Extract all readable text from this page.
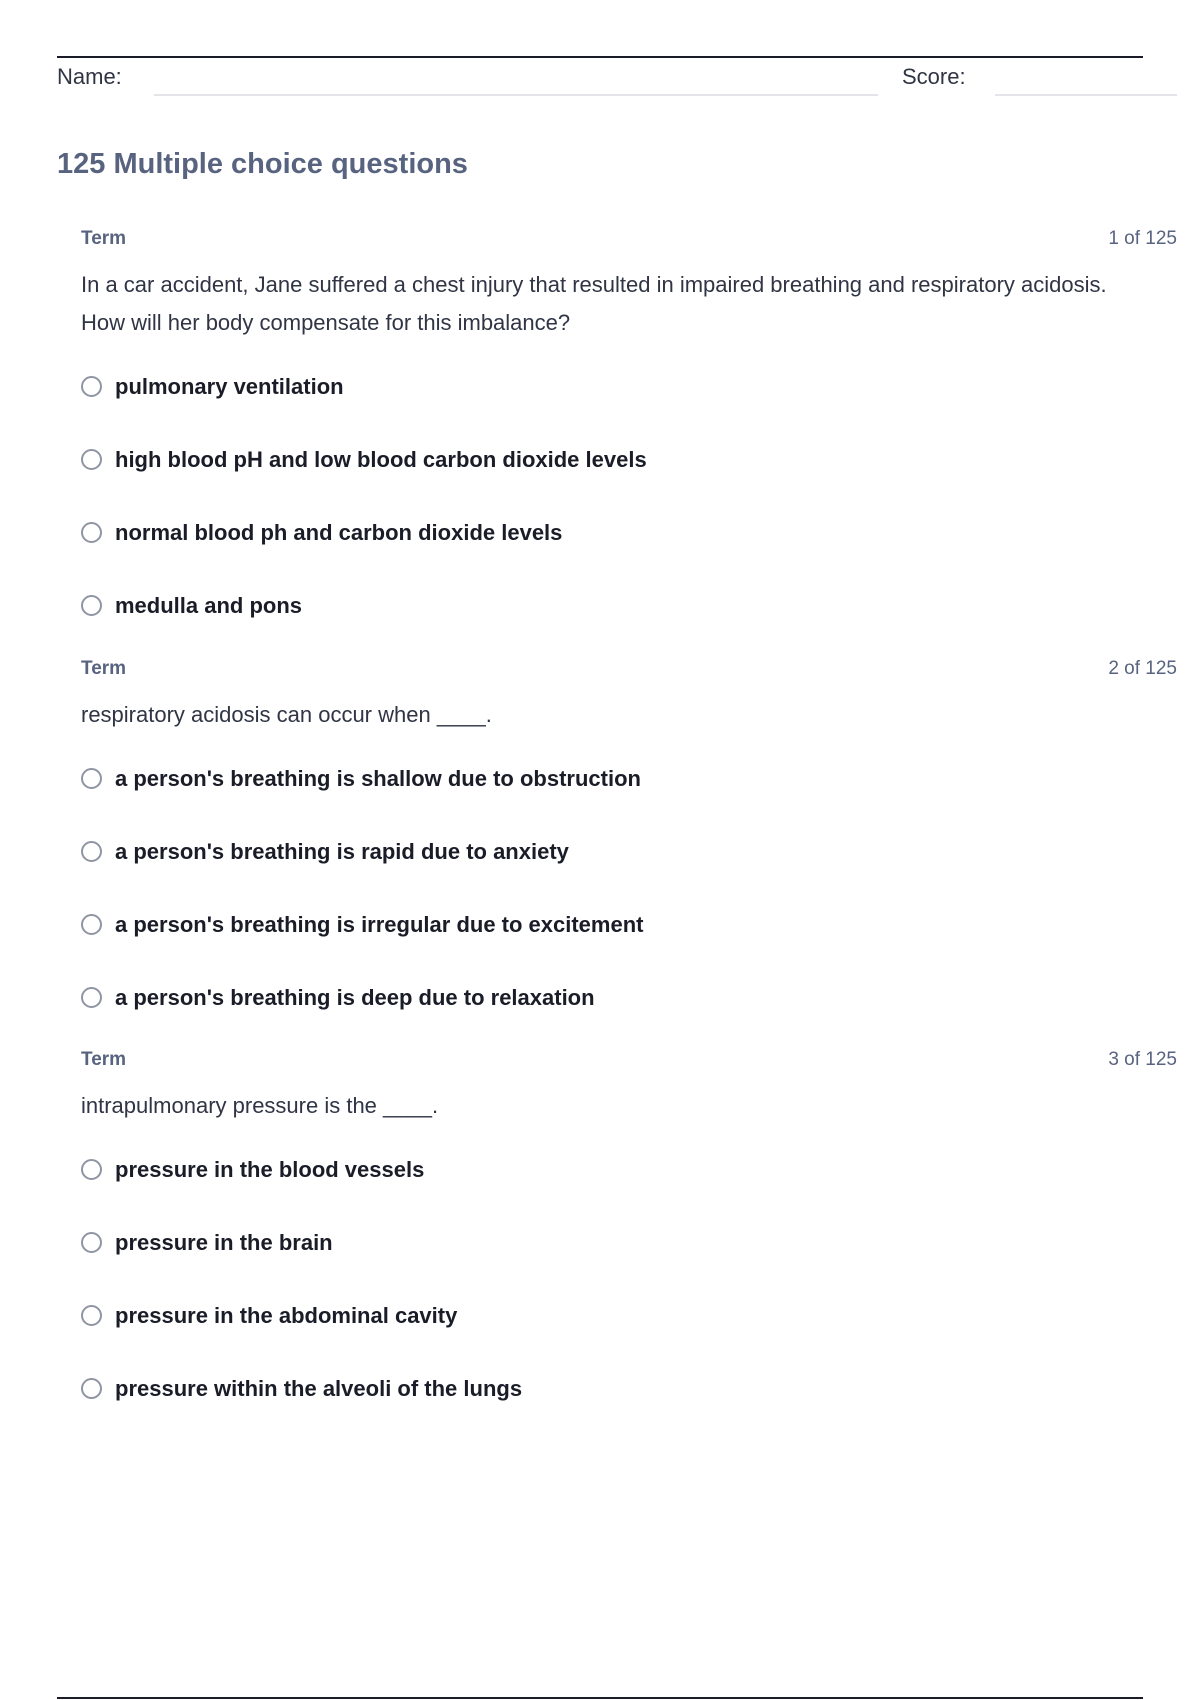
Name:	Score:
125 Multiple choice questions
Term	1 of 125
In a car accident, Jane suffered a chest injury that resulted in impaired breathing and respiratory acidosis. How will her body compensate for this imbalance?
pulmonary ventilation
high blood pH and low blood carbon dioxide levels
normal blood ph and carbon dioxide levels
medulla and pons
Term	2 of 125
respiratory acidosis can occur when ____.
a person's breathing is shallow due to obstruction
a person's breathing is rapid due to anxiety
a person's breathing is irregular due to excitement
a person's breathing is deep due to relaxation
Term	3 of 125
intrapulmonary pressure is the ____.
pressure in the blood vessels
pressure in the brain
pressure in the abdominal cavity
pressure within the alveoli of the lungs
